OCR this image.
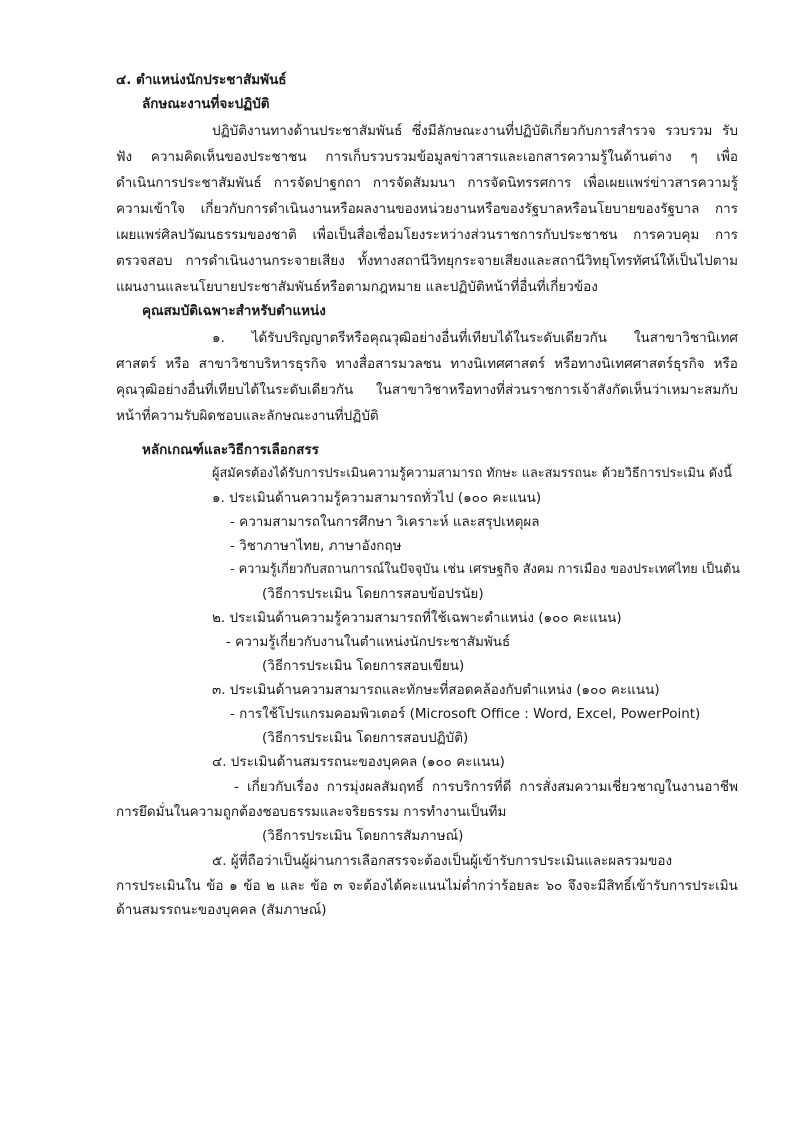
๔. ตำแหน่งนักประชาสัมพันธ์
ลักษณะงานที่จะปฏิบัติ
ปฏิบัติงานทางด้านประชาสัมพันธ์ ซึ่งมีลักษณะงานที่ปฏิบัติเกี่ยวกับการสำรวจ รวบรวม รับ
ฟัง ความคิดเห็นของประชาชน การเก็บรวบรวมข้อมูลข่าวสารและเอกสารความรู้ในด้านต่าง ๆ เพื่อ
ดำเนินการประชาสัมพันธ์ การจัดปาฐกถา การจัดสัมมนา การจัดนิทรรศการ เพื่อเผยแพร่ข่าวสารความรู้
ความเข้าใจ เกี่ยวกับการดำเนินงานหรือผลงานของหน่วยงานหรือของรัฐบาลหรือนโยบายของรัฐบาล การ
เผยแพร่ศิลปวัฒนธรรมของชาติ เพื่อเป็นสื่อเชื่อมโยงระหว่างส่วนราชการกับประชาชน การควบคุม การ
ตรวจสอบ การดำเนินงานกระจายเสียง ทั้งทางสถานีวิทยุกระจายเสียงและสถานีวิทยุโทรทัศน์ให้เป็นไปตาม
แผนงานและนโยบายประชาสัมพันธ์หรือตามกฎหมาย และปฏิบัติหน้าที่อื่นที่เกี่ยวข้อง
คุณสมบัติเฉพาะสำหรับตำแหน่ง
๑. ได้รับปริญญาตรีหรือคุณวุฒิอย่างอื่นที่เทียบได้ในระดับเดียวกัน ในสาขาวิชานิเทศ
ศาสตร์ หรือ สาขาวิชาบริหารธุรกิจ ทางสื่อสารมวลชน ทางนิเทศศาสตร์ หรือทางนิเทศศาสตร์ธุรกิจ หรือ
คุณวุฒิอย่างอื่นที่เทียบได้ในระดับเดียวกัน ในสาขาวิชาหรือทางที่ส่วนราชการเจ้าสังกัดเห็นว่าเหมาะสมกับ
หน้าที่ความรับผิดชอบและลักษณะงานที่ปฏิบัติ
หลักเกณฑ์และวิธีการเลือกสรร
ผู้สมัครต้องได้รับการประเมินความรู้ความสามารถ ทักษะ และสมรรถนะ ด้วยวิธีการประเมิน ดังนี้
๑. ประเมินด้านความรู้ความสามารถทั่วไป (๑๐๐ คะแนน)
- ความสามารถในการศึกษา วิเคราะห์ และสรุปเหตุผล
- วิชาภาษาไทย, ภาษาอังกฤษ
- ความรู้เกี่ยวกับสถานการณ์ในปัจจุบัน เช่น เศรษฐกิจ สังคม การเมือง ของประเทศไทย เป็นต้น
(วิธีการประเมิน โดยการสอบข้อปรนัย)
๒. ประเมินด้านความรู้ความสามารถที่ใช้เฉพาะตำแหน่ง (๑๐๐ คะแนน)
- ความรู้เกี่ยวกับงานในตำแหน่งนักประชาสัมพันธ์
(วิธีการประเมิน โดยการสอบเขียน)
๓. ประเมินด้านความสามารถและทักษะที่สอดคล้องกับตำแหน่ง (๑๐๐ คะแนน)
- การใช้โปรแกรมคอมพิวเตอร์ (Microsoft Office : Word, Excel, PowerPoint)
(วิธีการประเมิน โดยการสอบปฏิบัติ)
๔. ประเมินด้านสมรรถนะของบุคคล (๑๐๐ คะแนน)
- เกี่ยวกับเรื่อง การมุ่งผลสัมฤทธิ์ การบริการที่ดี การสั่งสมความเชี่ยวชาญในงานอาชีพ
การยึดมั่นในความถูกต้องชอบธรรมและจริยธรรม การทำงานเป็นทีม
(วิธีการประเมิน โดยการสัมภาษณ์)
๕. ผู้ที่ถือว่าเป็นผู้ผ่านการเลือกสรรจะต้องเป็นผู้เข้ารับการประเมินและผลรวมของ
การประเมินใน ข้อ ๑ ข้อ ๒ และ ข้อ ๓ จะต้องได้คะแนนไม่ต่ำกว่าร้อยละ ๖๐ จึงจะมีสิทธิ์เข้ารับการประเมิน
ด้านสมรรถนะของบุคคล (สัมภาษณ์)
